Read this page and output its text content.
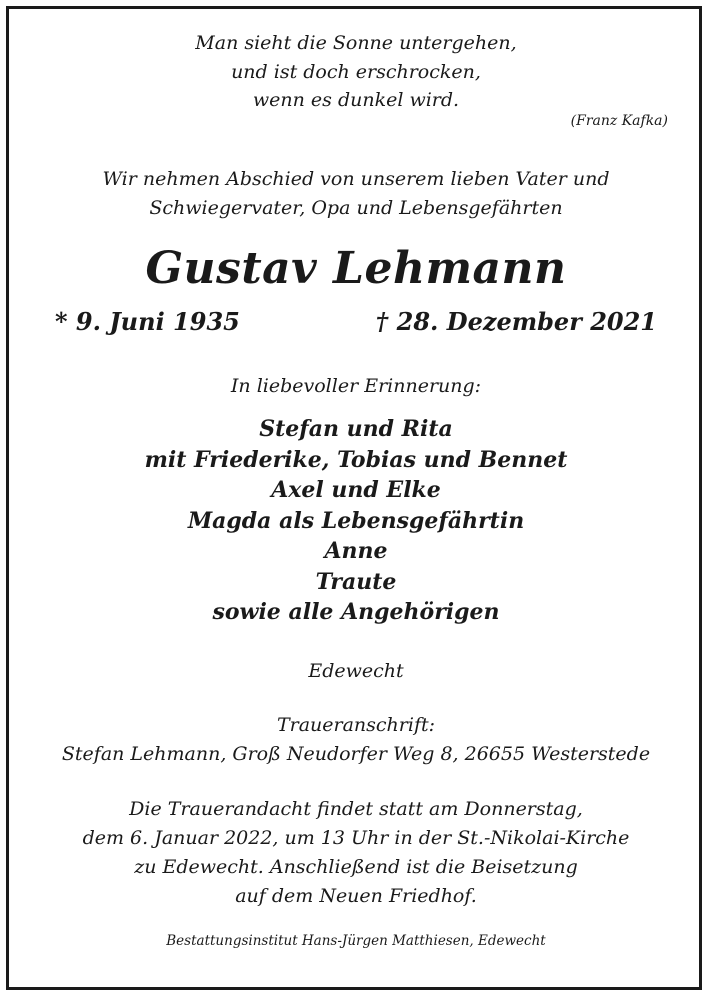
Man sieht die Sonne untergehen,
und ist doch erschrocken,
wenn es dunkel wird.
(Franz Kafka)
Wir nehmen Abschied von unserem lieben Vater und
Schwiegervater, Opa und Lebensgefährten
Gustav Lehmann
* 9. Juni 1935	† 28. Dezember 2021
In liebevoller Erinnerung:
Stefan und Rita
mit Friederike, Tobias und Bennet
Axel und Elke
Magda als Lebensgefährtin
Anne
Traute
sowie alle Angehörigen
Edewecht
Traueranschrift:
Stefan Lehmann, Groß Neudorfer Weg 8, 26655 Westerstede
Die Trauerandacht findet statt am Donnerstag,
dem 6. Januar 2022, um 13 Uhr in der St.-Nikolai-Kirche
zu Edewecht. Anschließend ist die Beisetzung
auf dem Neuen Friedhof.
Bestattungsinstitut Hans-Jürgen Matthiesen, Edewecht
